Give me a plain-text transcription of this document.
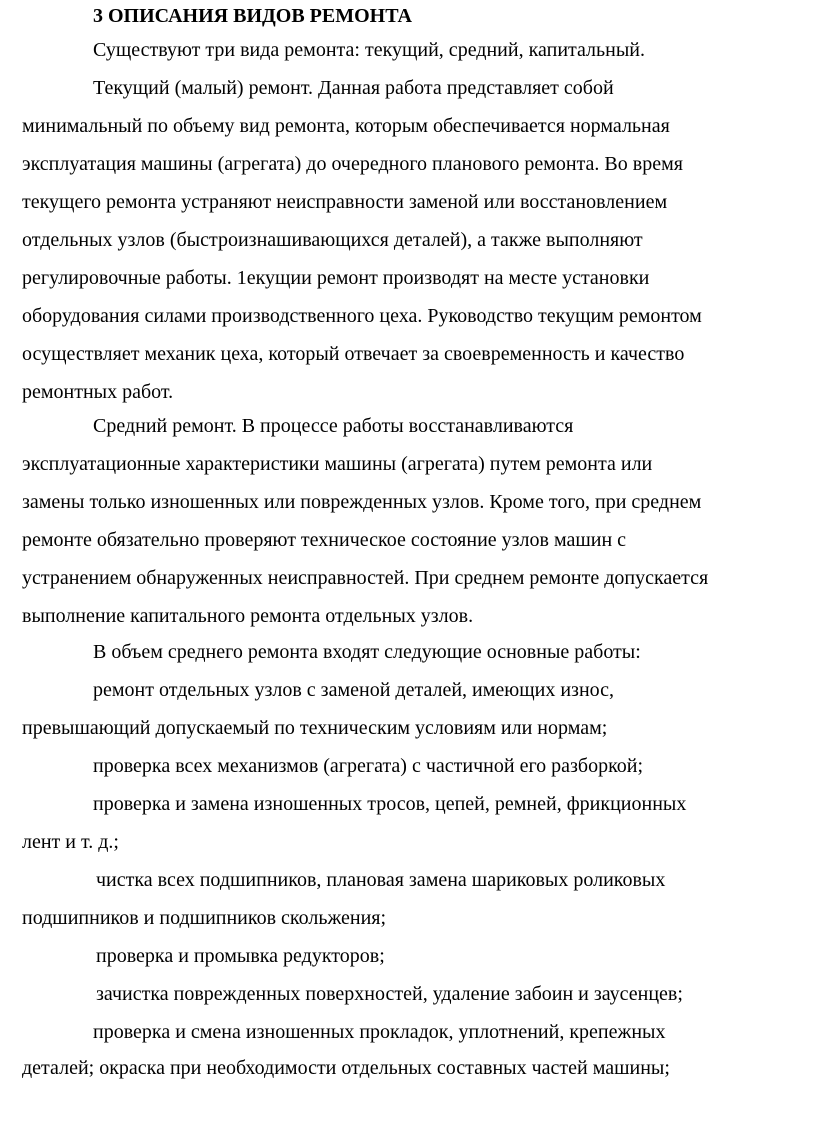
3 ОПИСАНИЯ ВИДОВ РЕМОНТА
Существуют три вида ремонта: текущий, средний, капитальный.
Текущий (малый) ремонт. Данная работа представляет собой
минимальный по объему вид ремонта, которым обеспечивается нормальная
эксплуатация машины (агрегата) до очередного планового ремонта. Во время
текущего ремонта устраняют неисправности заменой или восстановлением
отдельных узлов (быстроизнашивающихся деталей), а также выполняют
регулировочные работы. 1екущии ремонт производят на месте установки
оборудования силами производственного цеха. Руководство текущим ремонтом
осуществляет механик цеха, который отвечает за своевременность и качество
ремонтных работ.
Средний ремонт. В процессе работы восстанавливаются
эксплуатационные характеристики машины (агрегата) путем ремонта или
замены только изношенных или поврежденных узлов. Кроме того, при среднем
ремонте обязательно проверяют техническое состояние узлов машин с
устранением обнаруженных неисправностей. При среднем ремонте допускается
выполнение капитального ремонта отдельных узлов.
В объем среднего ремонта входят следующие основные работы:
ремонт отдельных узлов с заменой деталей, имеющих износ,
превышающий допускаемый по техническим условиям или нормам;
проверка всех механизмов (агрегата) с частичной его разборкой;
проверка и замена изношенных тросов, цепей, ремней, фрикционных
лент и т. д.;
чистка всех подшипников, плановая замена шариковых роликовых
подшипников и подшипников скольжения;
проверка и промывка редукторов;
зачистка поврежденных поверхностей, удаление забоин и заусенцев;
проверка и смена изношенных прокладок, уплотнений, крепежных
деталей; окраска при необходимости отдельных составных частей машины;
